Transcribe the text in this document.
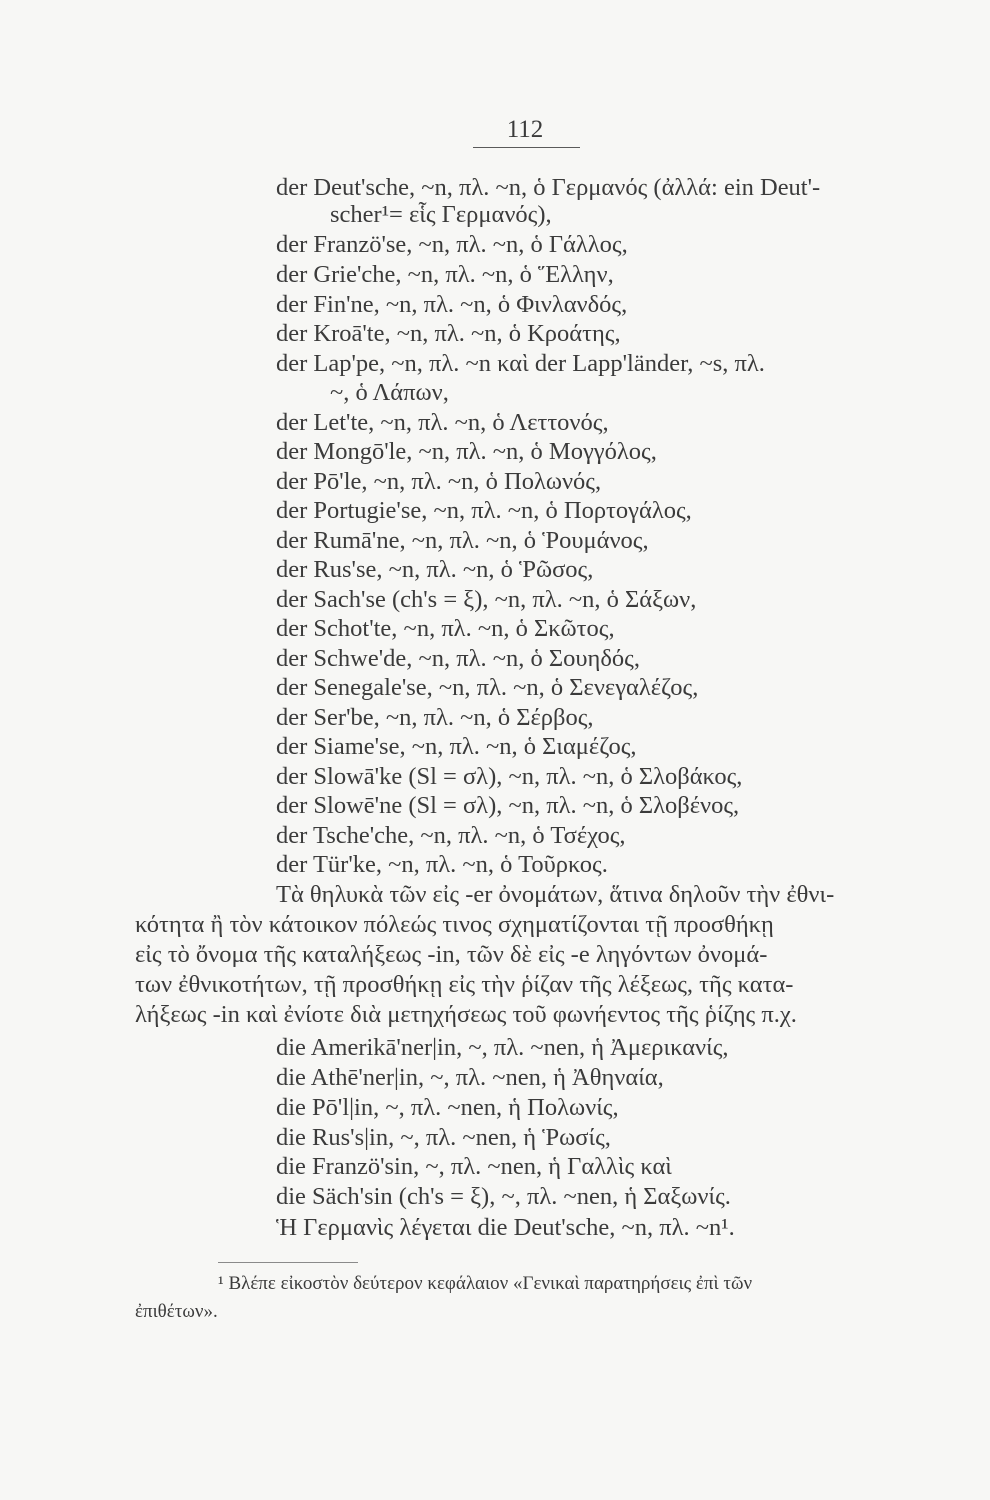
112
der Deut'sche, ~n, πλ. ~n, ὁ Γερμανός (ἀλλά: ein Deut'-
scher¹= εἷς Γερμανός),
der Franzö'se, ~n, πλ. ~n, ὁ Γάλλος,
der Grie'che, ~n, πλ. ~n, ὁ Ἕλλην,
der Fin'ne, ~n, πλ. ~n, ὁ Φινλανδός,
der Kroā'te, ~n, πλ. ~n, ὁ Κροάτης,
der Lap'pe, ~n, πλ. ~n καὶ der Lapp'länder, ~s, πλ.
~, ὁ Λάπων,
der Let'te, ~n, πλ. ~n, ὁ Λεττονός,
der Mongō'le, ~n, πλ. ~n, ὁ Μογγόλος,
der Pō'le, ~n, πλ. ~n, ὁ Πολωνός,
der Portugie'se, ~n, πλ. ~n, ὁ Πορτογάλος,
der Rumā'ne, ~n, πλ. ~n, ὁ Ῥουμάνος,
der Rus'se, ~n, πλ. ~n, ὁ Ῥῶσος,
der Sach'se (ch's = ξ), ~n, πλ. ~n, ὁ Σάξων,
der Schot'te, ~n, πλ. ~n, ὁ Σκῶτος,
der Schwe'de, ~n, πλ. ~n, ὁ Σουηδός,
der Senegale'se, ~n, πλ. ~n, ὁ Σενεγαλέζος,
der Ser'be, ~n, πλ. ~n, ὁ Σέρβος,
der Siame'se, ~n, πλ. ~n, ὁ Σιαμέζος,
der Slowā'ke (Sl = σλ), ~n, πλ. ~n, ὁ Σλοβάκος,
der Slowē'ne (Sl = σλ), ~n, πλ. ~n, ὁ Σλοβένος,
der Tsche'che, ~n, πλ. ~n, ὁ Τσέχος,
der Tür'ke, ~n, πλ. ~n, ὁ Τοῦρκος.
Τὰ θηλυκὰ τῶν εἰς -er ὀνομάτων, ἅτινα δηλοῦν τὴν ἐθνι-
κότητα ἢ τὸν κάτοικον πόλεώς τινος σχηματίζονται τῇ προσθήκῃ
εἰς τὸ ὄνομα τῆς καταλήξεως -in, τῶν δὲ εἰς -e ληγόντων ὀνομά-
των ἐθνικοτήτων, τῇ προσθήκῃ εἰς τὴν ῥίζαν τῆς λέξεως, τῆς κατα-
λήξεως -in καὶ ἐνίοτε διὰ μετηχήσεως τοῦ φωνήεντος τῆς ῥίζης π.χ.
die Amerikā'ner|in, ~, πλ. ~nen, ἡ Ἀμερικανίς,
die Athē'ner|in, ~, πλ. ~nen, ἡ Ἀθηναία,
die Pō'l|in, ~, πλ. ~nen, ἡ Πολωνίς,
die Rus's|in, ~, πλ. ~nen, ἡ Ῥωσίς,
die Franzö'sin, ~, πλ. ~nen, ἡ Γαλλὶς καὶ
die Säch'sin (ch's = ξ), ~, πλ. ~nen, ἡ Σαξωνίς.
Ἡ Γερμανὶς λέγεται die Deut'sche, ~n, πλ. ~n¹.
¹ Βλέπε εἰκοστὸν δεύτερον κεφάλαιον «Γενικαὶ παρατηρήσεις ἐπὶ τῶν
ἐπιθέτων».
